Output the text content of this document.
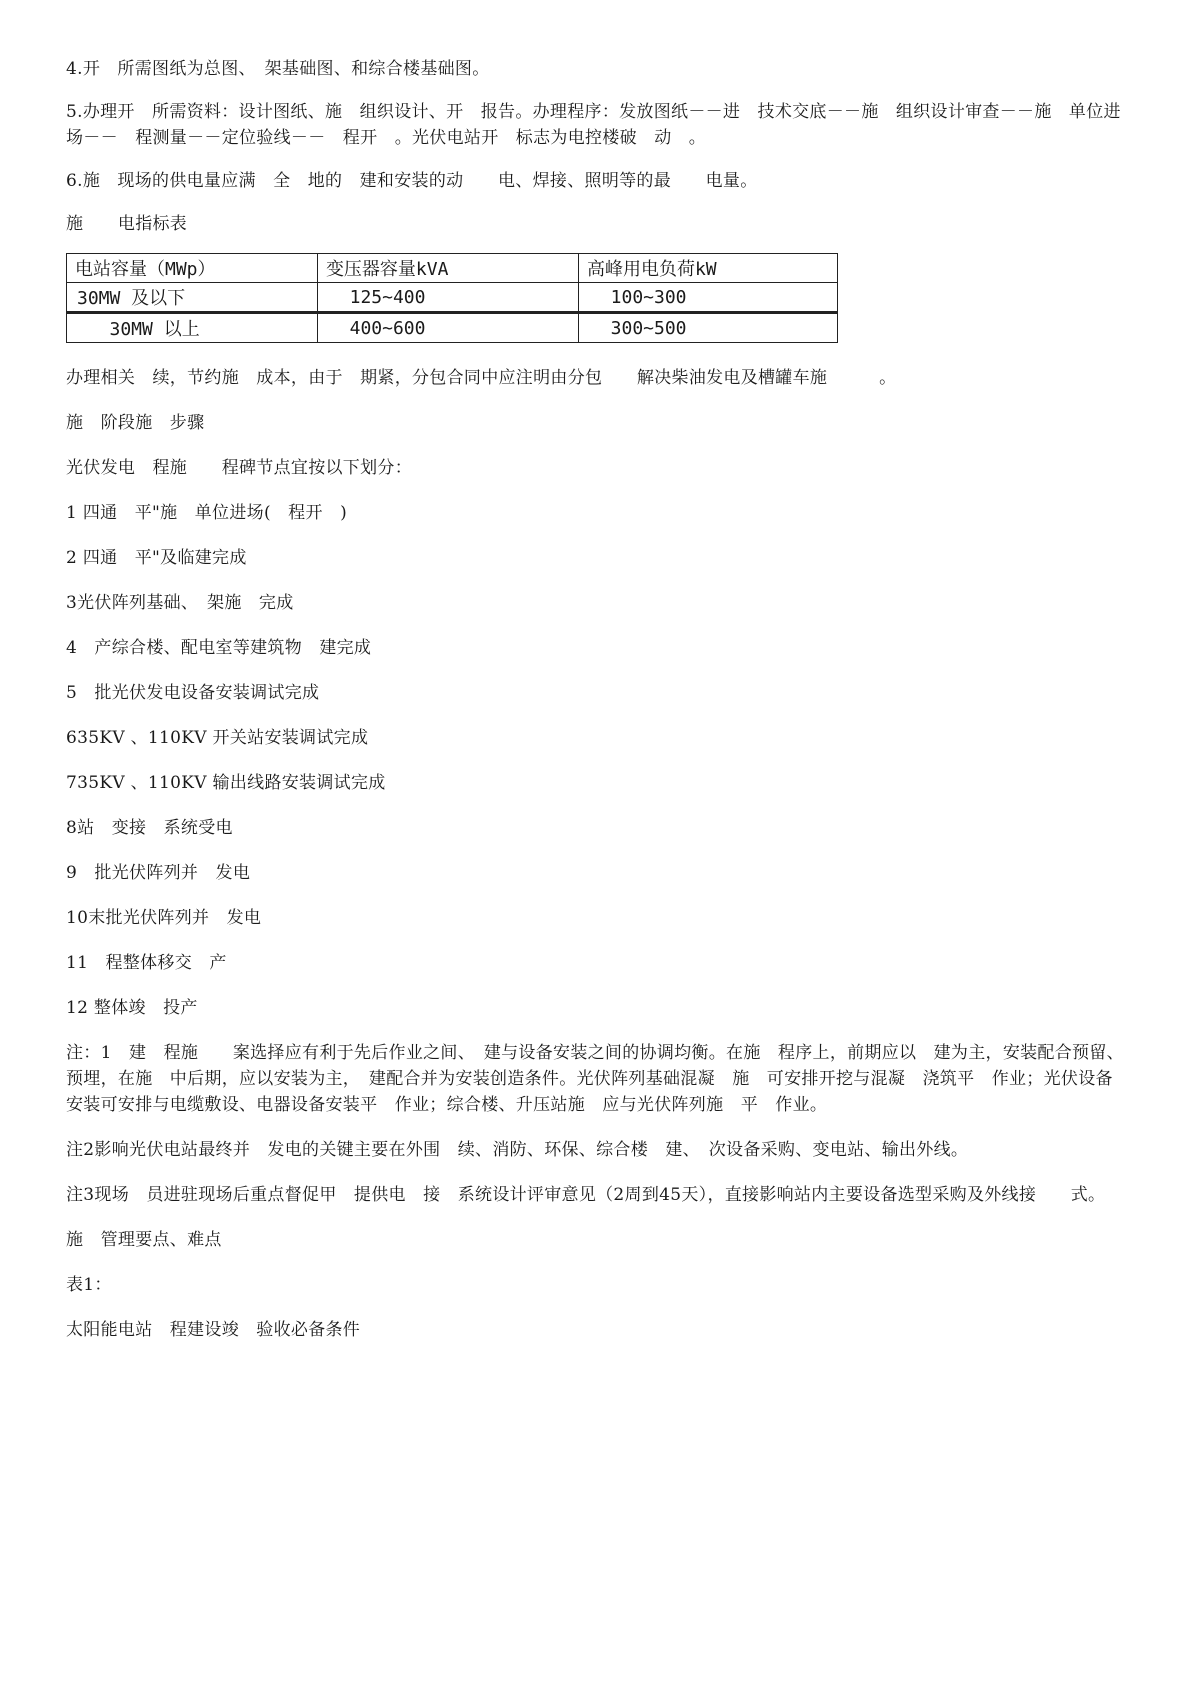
4.开　所需图纸为总图、　架基础图、和综合楼基础图。

5.办理开　所需资料：设计图纸、施　组织设计、开　报告。办理程序：发放图纸－－进　技术交底－－施　组织设计审查－－施　单位进场－－　程测量－－定位验线－－　程开　。光伏电站开　标志为电控楼破　动　。

6.施　现场的供电量应满　全　地的　建和安装的动　　电、焊接、照明等的最　　电量。

施　　电指标表

电站容量（MWp）	变压器容量kVA	高峰用电负荷kW
30MW 及以下	125~400	100~300
30MW 以上	400~600	300~500

办理相关　续，节约施　成本，由于　期紧，分包合同中应注明由分包　　解决柴油发电及槽罐车施　　　。

施　阶段施　步骤

光伏发电　程施　　程碑节点宜按以下划分：

1 四通　平"施　单位进场(　程开　)

2 四通　平"及临建完成

3光伏阵列基础、　架施　完成

4　产综合楼、配电室等建筑物　建完成

5　批光伏发电设备安装调试完成

635KV 、110KV 开关站安装调试完成

735KV 、110KV 输出线路安装调试完成

8站　变接　系统受电

9　批光伏阵列并　发电

10末批光伏阵列并　发电

11　程整体移交　产

12 整体竣　投产

注：1　建　程施　　案选择应有利于先后作业之间、　建与设备安装之间的协调均衡。在施　程序上，前期应以　建为主，安装配合预留、预埋，在施　中后期，应以安装为主，　建配合并为安装创造条件。光伏阵列基础混凝　施　可安排开挖与混凝　浇筑平　作业；光伏设备安装可安排与电缆敷设、电器设备安装平　作业；综合楼、升压站施　应与光伏阵列施　平　作业。

注2影响光伏电站最终并　发电的关键主要在外围　续、消防、环保、综合楼　建、　次设备采购、变电站、输出外线。

注3现场　员进驻现场后重点督促甲　提供电　接　系统设计评审意见（2周到45天），直接影响站内主要设备选型采购及外线接　　式。

施　管理要点、难点

表1：

太阳能电站　程建设竣　验收必备条件
